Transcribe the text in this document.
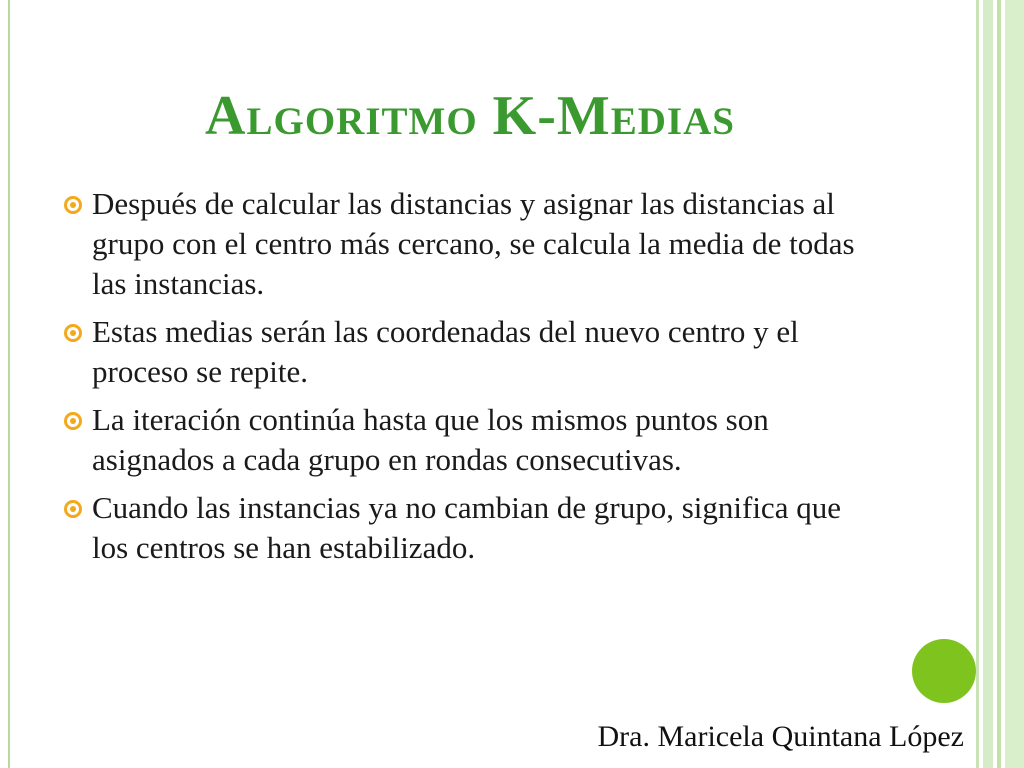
Algoritmo K-Medias
Después de calcular las distancias y asignar las distancias al grupo con el centro más cercano, se calcula la media de todas las instancias.
Estas medias serán las coordenadas del nuevo centro y el proceso se repite.
La iteración continúa hasta que los mismos puntos son asignados a cada grupo en rondas consecutivas.
Cuando las instancias ya no cambian de grupo, significa que los centros se han estabilizado.
Dra. Maricela Quintana López
